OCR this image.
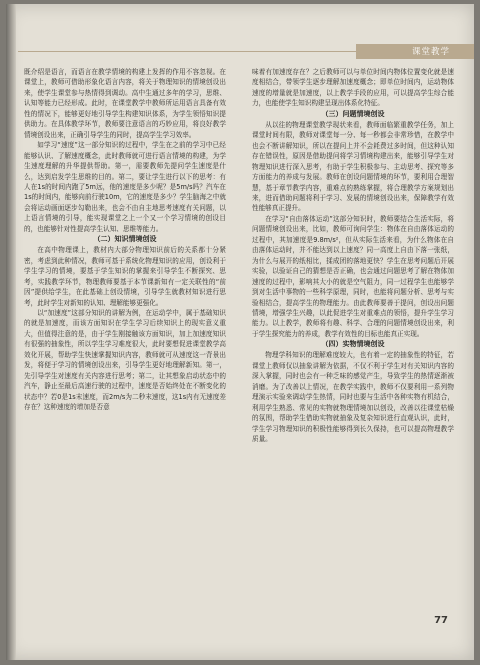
课堂教学

既介绍是语言，而语言在教学情境的构建上发挥的作用不容忽视。在课堂上，教师可借助形象化语言内容，将关于物理知识的情境创设出来，使学生课堂参与热情得到调动。高中生通过多年的学习，思维、认知等能力已经形成。此时，在课堂教学中教师所运用语言具备有效性的情况下，能够更好地引导学生构建知识体系，为学生领悟知识提供助力。在具体教学环节，教师要注意语言的巧妙应用，将良好教学情境创设出来，正确引导学生的同时，提高学生学习效率。

如学习“速度”这一部分知识的过程中，学生在之前的学习中已经能够认识、了解速度概念，此时教师就可进行语言情境的构建，为学生速度理解的升华提供帮助。第一，需要教师先提问学生速度是什么，达到启发学生思维的目的。第二，要让学生进行以下的思考：有人在1s的时间内跑了5m远，他的速度是多少呢？是5m/s吗？汽车在1s的时间内，能够向前行驶10m，它的速度是多少？学生脑海之中就会将运动画面逐步勾勒出来，也会不由自主地思考速度有关问题，以上语言情境的引导，能实现课堂之上一个又一个学习情境的创设目的，也能够针对性提高学生认知、思维等能力。

（二）知识情境创设

在高中物理课上，教材内大部分物理知识前后的关系都十分紧密，考虑到此种情况，教师可基于系统化物理知识的应用，创设利于学生学习的情境，要基于学生知识的掌握来引导学生不断探究、思考，实践教学环节，物理教师要基于本节课新知有一定关联性的“前因”提供给学生，在此基础上创设情境，引导学生就教材知识进行思考，此时学生对新知的认知、理解能够更强化。

以“加速度”这部分知识的讲解为例，在运动学中，属于基础知识的就是加速度，而该方面知识在学生学习后续知识上的现实意义重大，但值得注意的是，由于学生刚接触该方面知识，加上加速度知识有很强的抽象性，所以学生学习难度很大，此时要想促进课堂教学高效化开展，帮助学生快速掌握知识内容，教师就可从速度这一背景出发，将便于学习的情境创设出来，引导学生更好地理解新知。第一，先引导学生对速度有关内容进行思考；第二，让其想象启动状态中的汽车，静止至最后高速行驶的过程中，速度是否始终处在不断变化的状态中？若0是1s末速度，而2m/s为二秒末速度，这1s内有无速度差存在？这种速度的增加是否意

味着有加速度存在？之后教师可以与单位时间内物体位置变化就是速度相结合，带领学生逐步理解加速度概念；即单位时间内，运动物体速度的增量就是加速度，以上教学手段的应用，可以提高学生综合能力，也能使学生知识构建呈现出体系化特征。

（三）问题情境创设

从以往的物理课堂教学现状来看，教师面临繁重教学任务，加上课堂时间有限，教师对课堂每一分、每一秒都会非常珍惜，在教学中也会不断讲解知识，所以在提问上并不会耗费过多时间，但这种认知存在错误性，原因是借助提问将学习情境构建出来，能够引导学生对物理知识进行深入思考，有助于学生积极参与、主动思考、探究等多方面能力的养成与发展。教师在创设问题情境的环节，要利用合理智慧，基于章节教学内容，重难点的熟练掌握，将合理教学方案规划出来，进而借助问题将利于学习、发展的情境创设出来，保障教学有效性能够真正提升。

在学习“自由落体运动”这部分知识时，教师要结合生活实际，将问题情境创设出来，比如，教师可询问学生：物体在自由落体运动的过程中，其加速度是9.8m/s²，但从实际生活来看，为什么物体在自由落体运动时，并不能达到以上速度？同一高度上自由下落一张纸，为什么与展开的纸相比，揉成团的落地更快？学生在思考问题后开展实验，以验证自己的猜想是否正确，也会通过问题思考了解在物体加速度的过程中，影响其大小的就是空气阻力，同一过程学生也能够学到对生活中事物的一些科学原理，同时，也能将问题分析、思考与实验相结合，提高学生的物理能力。由此教师要善于提问，创设出问题情境，增强学生兴趣，以此促进学生对重难点的领悟，提升学生学习能力。以上教学，教师将有趣、科学、合理的问题情境创设出来，利于学生探究能力的养成，教学有效性的目标也能真正实现。

（四）实物情境创设

物理学科知识的理解难度较大，也有着一定的抽象性的特征，若课堂上教师仅以抽象讲解为依据，不仅不利于学生对有关知识内容的深入掌握，同时也会有一种乏味的感觉产生，导致学生的热情逐渐被消磨。为了改善以上情况，在教学实践中，教师不仅要利用一系列物理演示实验来调动学生热情，同时也要与生活中各种实物有机结合，利用学生熟悉、常见的实物就物理情境加以创设，改善以往课堂枯燥的氛围，帮助学生借助实物就抽象及复杂知识进行直观认识，此时，学生学习物理知识的积极性能够得到长久保持，也可以提高物理教学质量。

77
